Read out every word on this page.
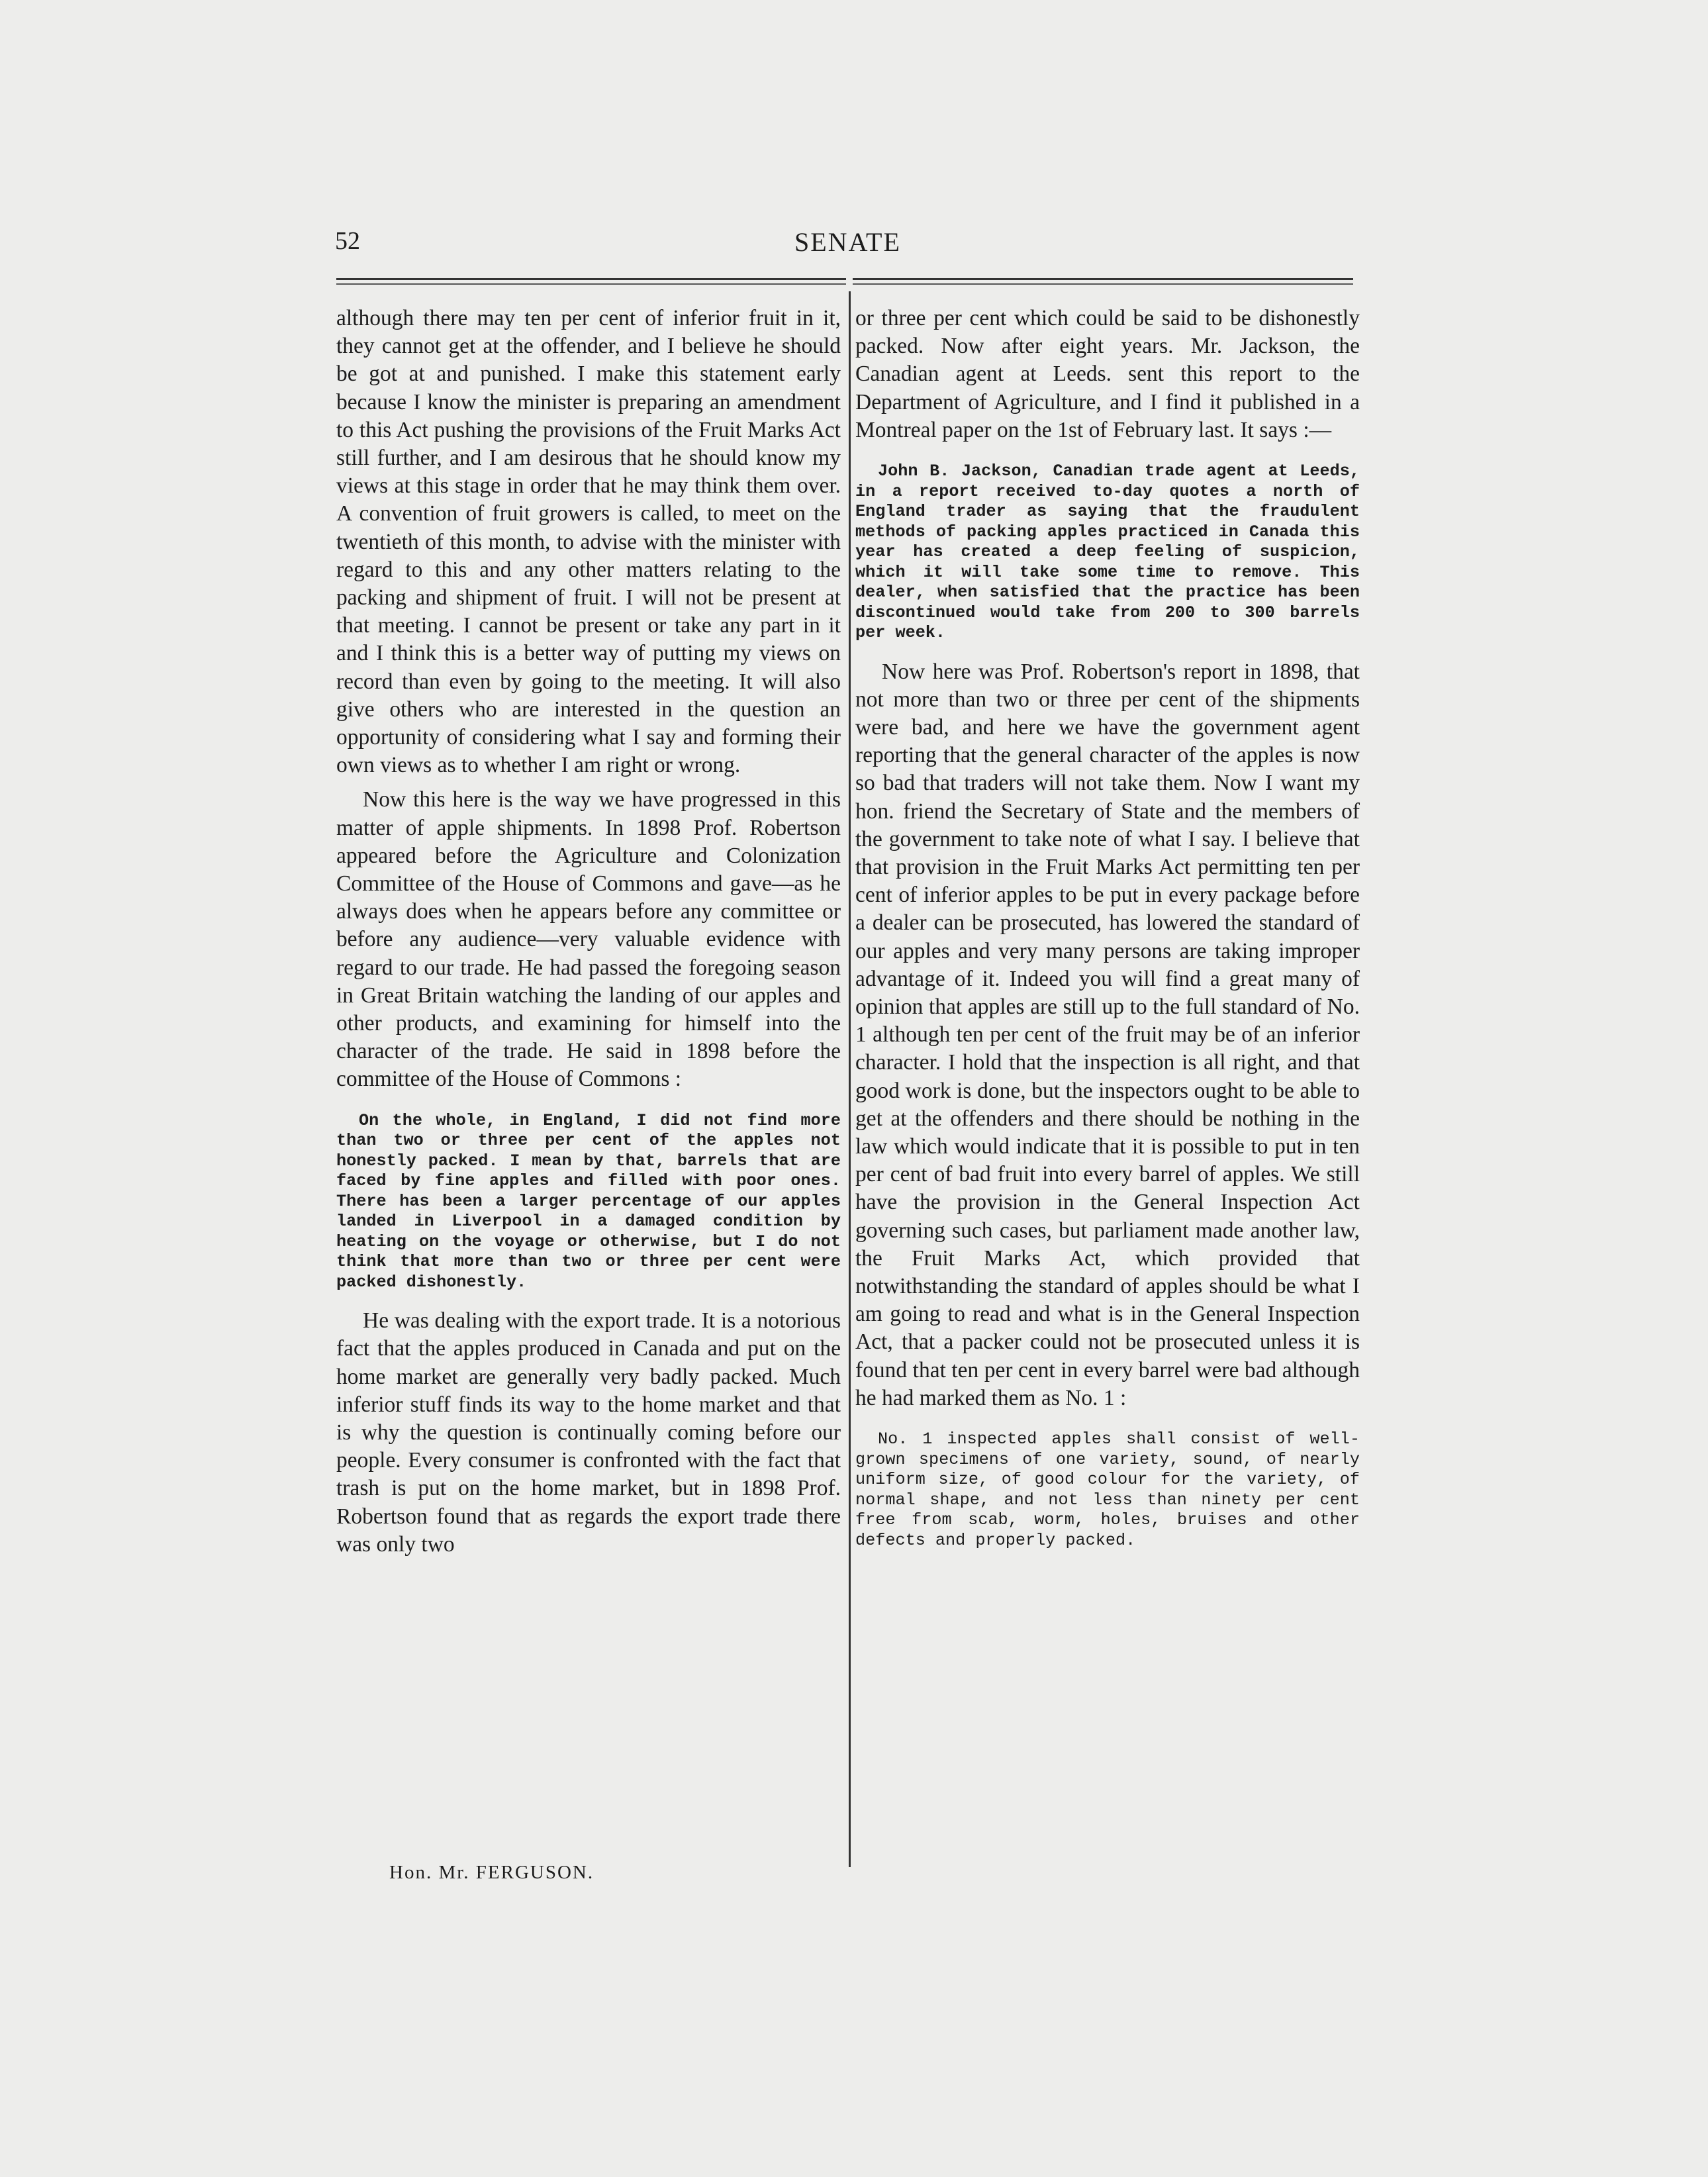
52	SENATE

although there may ten per cent of inferior fruit in it, they cannot get at the offender, and I believe he should be got at and punished. I make this statement early because I know the minister is preparing an amendment to this Act pushing the provisions of the Fruit Marks Act still further, and I am desirous that he should know my views at this stage in order that he may think them over. A convention of fruit growers is called, to meet on the twentieth of this month, to advise with the minister with regard to this and any other matters relating to the packing and shipment of fruit. I will not be present at that meeting. I cannot be present or take any part in it and I think this is a better way of putting my views on record than even by going to the meeting. It will also give others who are interested in the question an opportunity of considering what I say and forming their own views as to whether I am right or wrong.

Now this here is the way we have progressed in this matter of apple shipments. In 1898 Prof. Robertson appeared before the Agriculture and Colonization Committee of the House of Commons and gave—as he always does when he appears before any committee or before any audience—very valuable evidence with regard to our trade. He had passed the foregoing season in Great Britain watching the landing of our apples and other products, and examining for himself into the character of the trade. He said in 1898 before the committee of the House of Commons :

On the whole, in England, I did not find more than two or three per cent of the apples not honestly packed. I mean by that, barrels that are faced by fine apples and filled with poor ones. There has been a larger percentage of our apples landed in Liverpool in a damaged condition by heating on the voyage or otherwise, but I do not think that more than two or three per cent were packed dishonestly.

He was dealing with the export trade. It is a notorious fact that the apples produced in Canada and put on the home market are generally very badly packed. Much inferior stuff finds its way to the home market and that is why the question is continually coming before our people. Every consumer is confronted with the fact that trash is put on the home market, but in 1898 Prof. Robertson found that as regards the export trade there was only two

or three per cent which could be said to be dishonestly packed. Now after eight years. Mr. Jackson, the Canadian agent at Leeds. sent this report to the Department of Agriculture, and I find it published in a Montreal paper on the 1st of February last. It says :—

John B. Jackson, Canadian trade agent at Leeds, in a report received to-day quotes a north of England trader as saying that the fraudulent methods of packing apples practiced in Canada this year has created a deep feeling of suspicion, which it will take some time to remove. This dealer, when satisfied that the practice has been discontinued would take from 200 to 300 barrels per week.

Now here was Prof. Robertson's report in 1898, that not more than two or three per cent of the shipments were bad, and here we have the government agent reporting that the general character of the apples is now so bad that traders will not take them. Now I want my hon. friend the Secretary of State and the members of the government to take note of what I say. I believe that that provision in the Fruit Marks Act permitting ten per cent of inferior apples to be put in every package before a dealer can be prosecuted, has lowered the standard of our apples and very many persons are taking improper advantage of it. Indeed you will find a great many of opinion that apples are still up to the full standard of No. 1 although ten per cent of the fruit may be of an inferior character. I hold that the inspection is all right, and that good work is done, but the inspectors ought to be able to get at the offenders and there should be nothing in the law which would indicate that it is possible to put in ten per cent of bad fruit into every barrel of apples. We still have the provision in the General Inspection Act governing such cases, but parliament made another law, the Fruit Marks Act, which provided that notwithstanding the standard of apples should be what I am going to read and what is in the General Inspection Act, that a packer could not be prosecuted unless it is found that ten per cent in every barrel were bad although he had marked them as No. 1 :

No. 1 inspected apples shall consist of well-grown specimens of one variety, sound, of nearly uniform size, of good colour for the variety, of normal shape, and not less than ninety per cent free from scab, worm, holes, bruises and other defects and properly packed.
Hon. Mr. FERGUSON.
